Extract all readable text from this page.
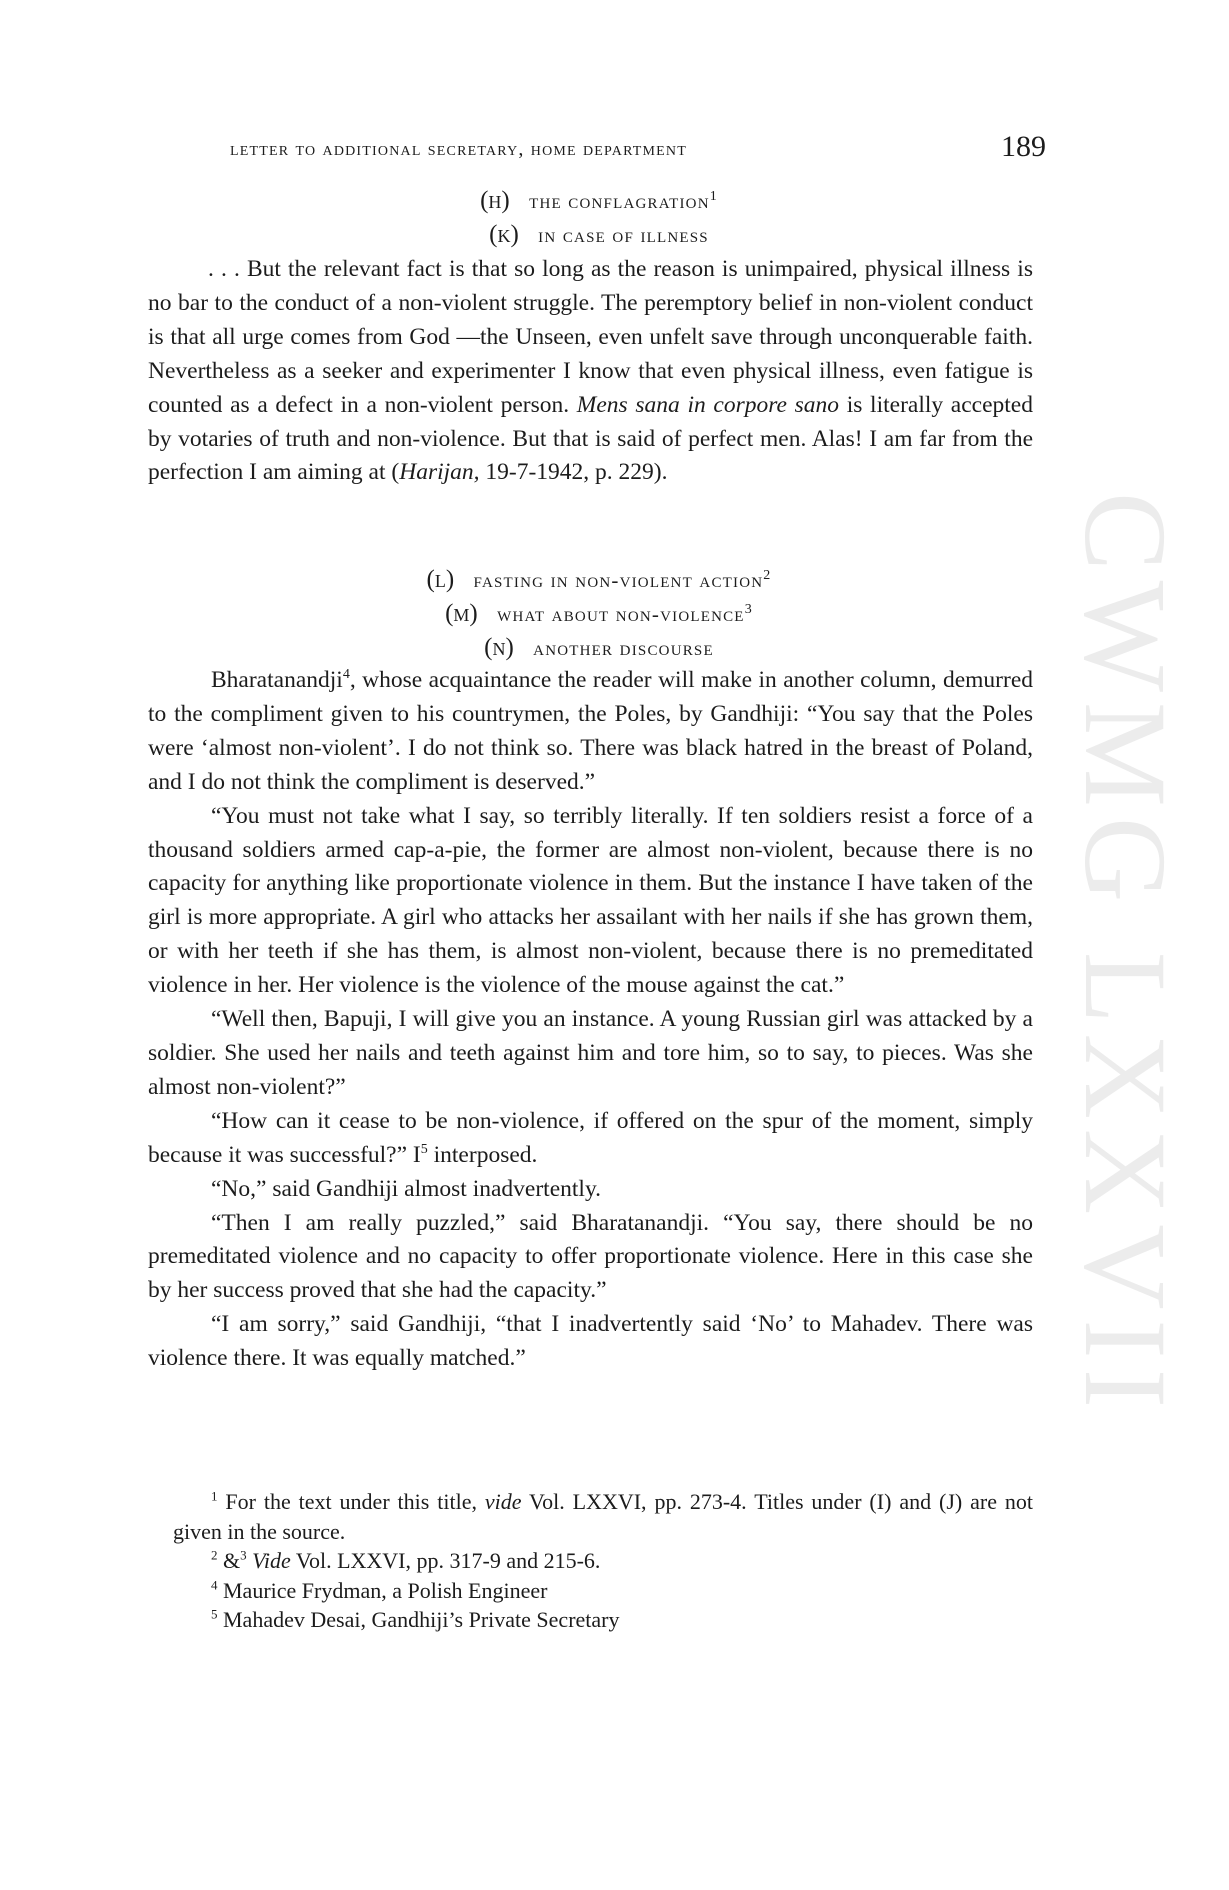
CWMG LXXVII
letter to additional secretary, home department	189
(h) the conflagration$^1$
(k) in case of illness

. . . But the relevant fact is that so long as the reason is unimpaired, physical illness is no bar to the conduct of a non-violent struggle. The peremptory belief in non-violent conduct is that all urge comes from God —the Unseen, even unfelt save through unconquerable faith. Nevertheless as a seeker and experimenter I know that even physical illness, even fatigue is counted as a defect in a non-violent person. Mens sana in corpore sano is literally accepted by votaries of truth and non-violence. But that is said of perfect men. Alas! I am far from the perfection I am aiming at (Harijan, 19-7-1942, p. 229).

(l) fasting in non-violent action$^2$
(m) what about non-violence$^3$
(n) another discourse

Bharatanandji$^4$, whose acquaintance the reader will make in another column, demurred to the compliment given to his countrymen, the Poles, by Gandhiji: “You say that the Poles were ‘almost non-violent’. I do not think so. There was black hatred in the breast of Poland, and I do not think the compliment is deserved.”

“You must not take what I say, so terribly literally. If ten soldiers resist a force of a thousand soldiers armed cap-a-pie, the former are almost non-violent, because there is no capacity for anything like proportionate violence in them. But the instance I have taken of the girl is more appropriate. A girl who attacks her assailant with her nails if she has grown them, or with her teeth if she has them, is almost non-violent, because there is no premeditated violence in her. Her violence is the violence of the mouse against the cat.”

“Well then, Bapuji, I will give you an instance. A young Russian girl was attacked by a soldier. She used her nails and teeth against him and tore him, so to say, to pieces. Was she almost non-violent?”

“How can it cease to be non-violence, if offered on the spur of the moment, simply because it was successful?” $I^5$ interposed.

“No,” said Gandhiji almost inadvertently.

“Then I am really puzzled,” said Bharatanandji. “You say, there should be no premeditated violence and no capacity to offer proportionate violence. Here in this case she by her success proved that she had the capacity.”

“I am sorry,” said Gandhiji, “that I inadvertently said ‘No’ to Mahadev. There was violence there. It was equally matched.”

$^1$ For the text under this title, vide Vol. LXXVI, pp. 273-4. Titles under (I) and (J) are not given in the source.

$^2$ &$^3$ Vide Vol. LXXVI, pp. 317-9 and 215-6.

$^4$ Maurice Frydman, a Polish Engineer

$^5$ Mahadev Desai, Gandhiji’s Private Secretary
